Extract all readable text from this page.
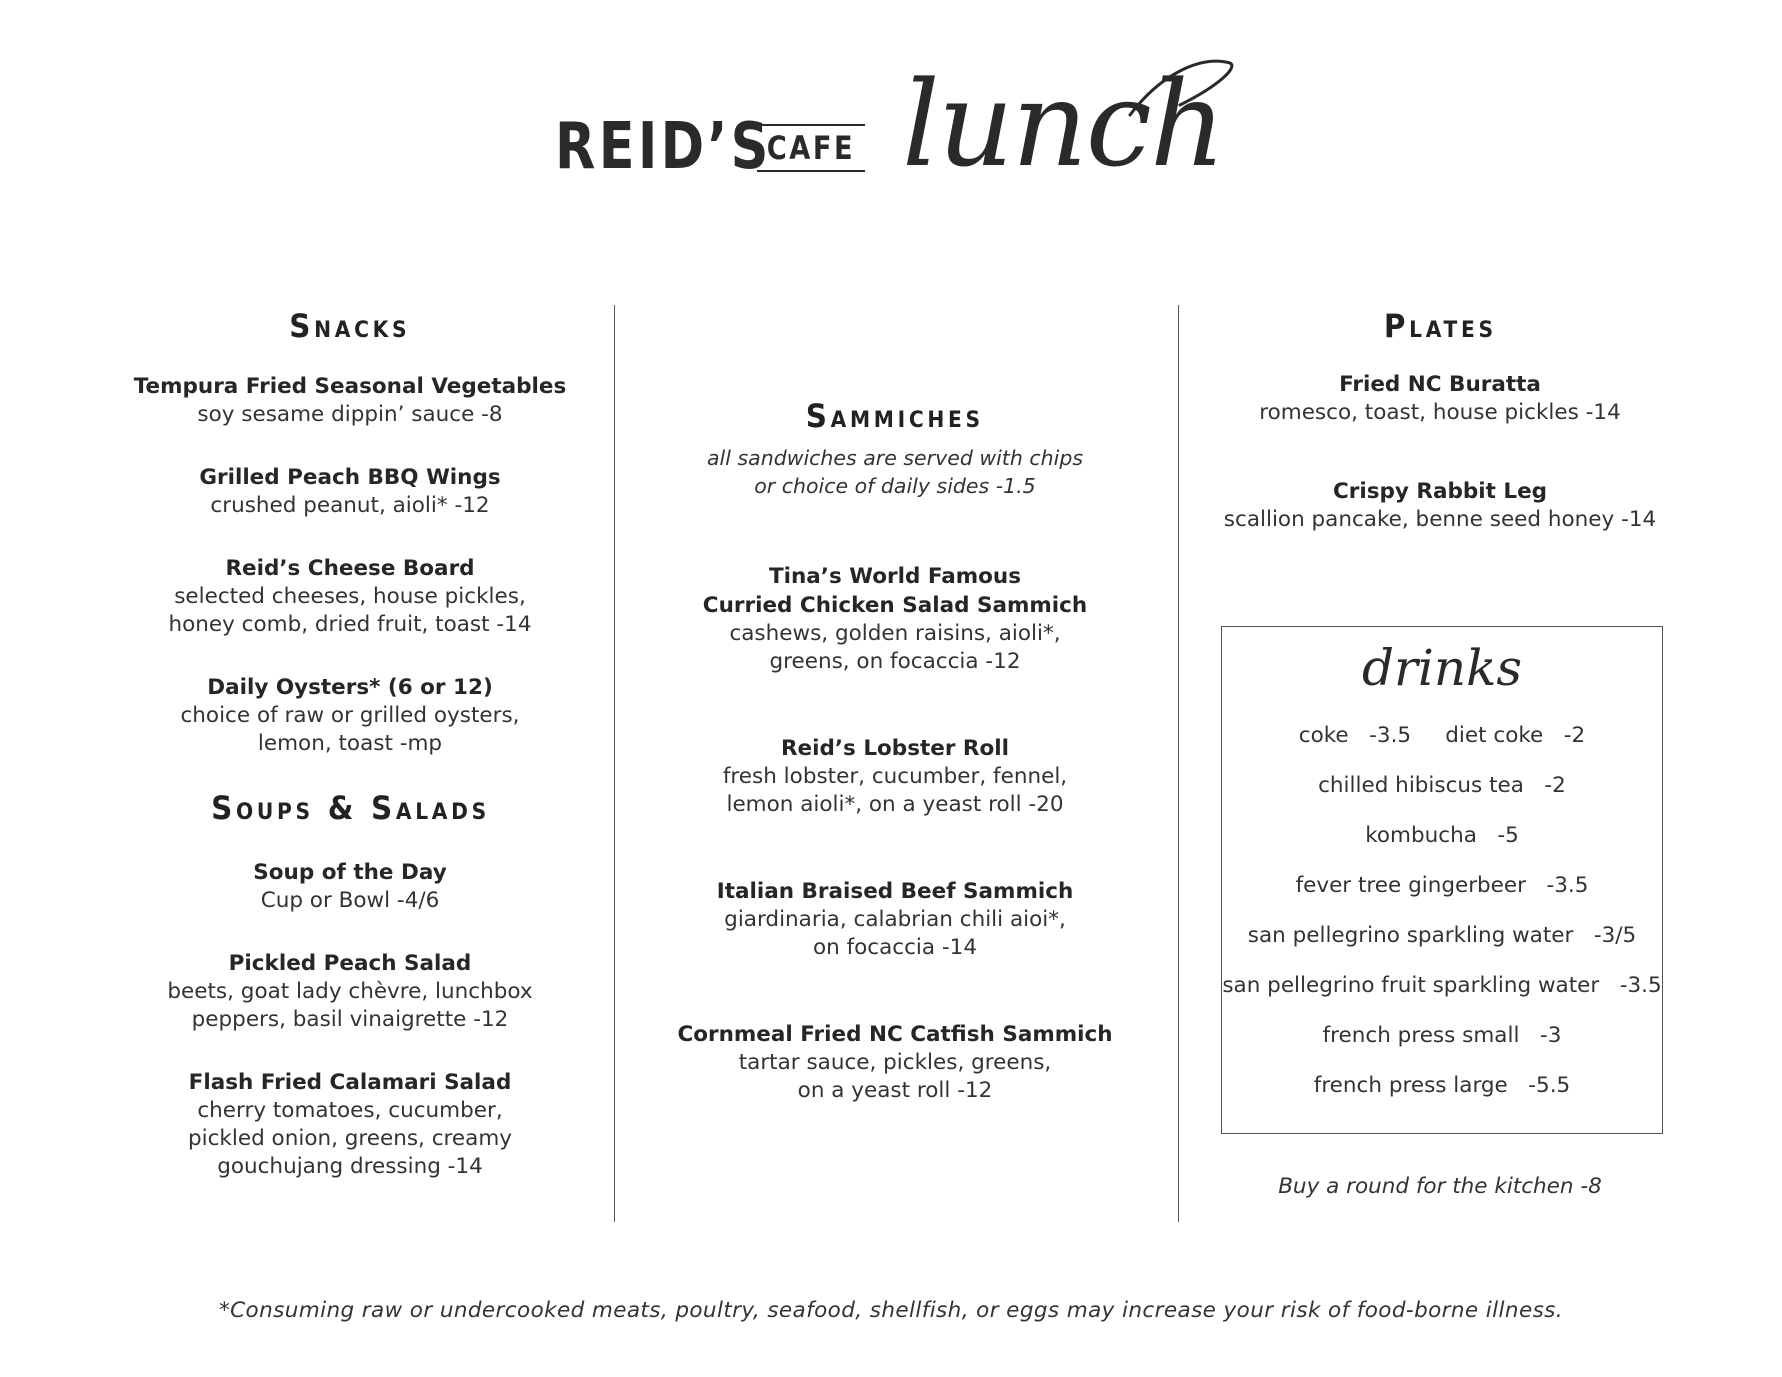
REID’S
CAFE lunch
Snacks
Tempura Fried Seasonal Vegetables
soy sesame dippin’ sauce -8
Grilled Peach BBQ Wings
crushed peanut, aioli* -12
Reid’s Cheese Board
selected cheeses, house pickles,
honey comb, dried fruit, toast -14
Daily Oysters* (6 or 12)
choice of raw or grilled oysters,
lemon, toast -mp
Soups & Salads
Soup of the Day
Cup or Bowl -4/6
Pickled Peach Salad
beets, goat lady chèvre, lunchbox
peppers, basil vinaigrette -12
Flash Fried Calamari Salad
cherry tomatoes, cucumber,
pickled onion, greens, creamy
gouchujang dressing -14
Sammiches
all sandwiches are served with chips
or choice of daily sides -1.5
Tina’s World Famous
Curried Chicken Salad Sammich
cashews, golden raisins, aioli*,
greens, on focaccia -12
Reid’s Lobster Roll
fresh lobster, cucumber, fennel,
lemon aioli*, on a yeast roll -20
Italian Braised Beef Sammich
giardinaria, calabrian chili aioi*,
on focaccia -14
Cornmeal Fried NC Catfish Sammich
tartar sauce, pickles, greens,
on a yeast roll -12
Plates
Fried NC Buratta
romesco, toast, house pickles -14
Crispy Rabbit Leg
scallion pancake, benne seed honey -14
drinks
coke   -3.5     diet coke   -2
chilled hibiscus tea   -2
kombucha   -5
fever tree gingerbeer   -3.5
san pellegrino sparkling water   -3/5
san pellegrino fruit sparkling water   -3.5
french press small   -3
french press large   -5.5
Buy a round for the kitchen -8
*Consuming raw or undercooked meats, poultry, seafood, shellfish, or eggs may increase your risk of food-borne illness.
